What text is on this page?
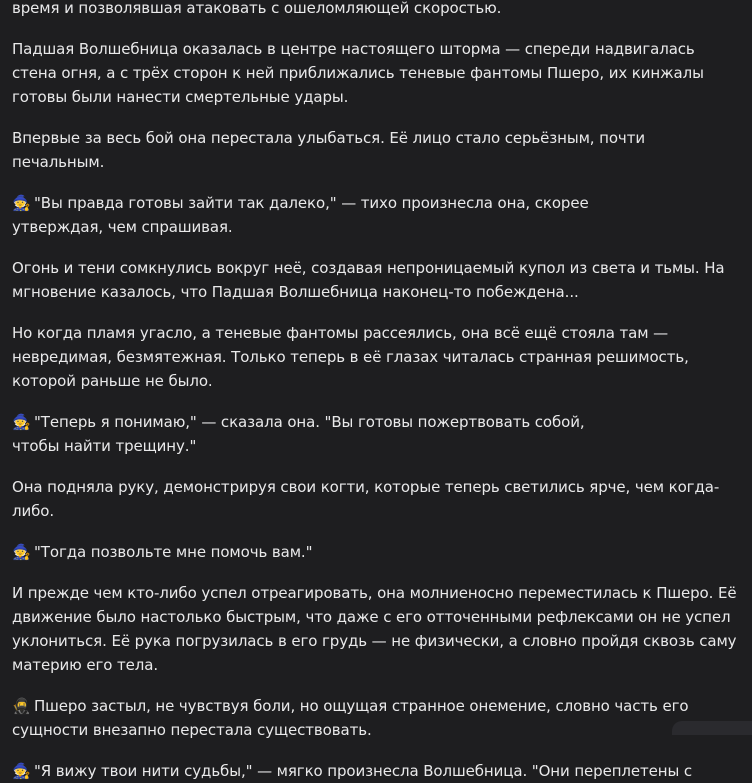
время и позволявшая атаковать с ошеломляющей скоростью.

Падшая Волшебница оказалась в центре настоящего шторма — спереди надвигалась стена огня, а с трёх сторон к ней приближались теневые фантомы Пшеро, их кинжалы готовы были нанести смертельные удары.

Впервые за весь бой она перестала улыбаться. Её лицо стало серьёзным, почти печальным.

🧙 "Вы правда готовы зайти так далеко," — тихо произнесла она, скорее утверждая, чем спрашивая.

Огонь и тени сомкнулись вокруг неё, создавая непроницаемый купол из света и тьмы. На мгновение казалось, что Падшая Волшебница наконец-то побеждена...

Но когда пламя угасло, а теневые фантомы рассеялись, она всё ещё стояла там — невредимая, безмятежная. Только теперь в её глазах читалась странная решимость, которой раньше не было.

🧙 "Теперь я понимаю," — сказала она. "Вы готовы пожертвовать собой, чтобы найти трещину."

Она подняла руку, демонстрируя свои когти, которые теперь светились ярче, чем когда-либо.

🧙 "Тогда позвольте мне помочь вам."

И прежде чем кто-либо успел отреагировать, она молниеносно переместилась к Пшеро. Её движение было настолько быстрым, что даже с его отточенными рефлексами он не успел уклониться. Её рука погрузилась в его грудь — не физически, а словно пройдя сквозь саму материю его тела.

🥷 Пшеро застыл, не чувствуя боли, но ощущая странное онемение, словно часть его сущности внезапно перестала существовать.

🧙 "Я вижу твои нити судьбы," — мягко произнесла Волшебница. "Они переплетены с
